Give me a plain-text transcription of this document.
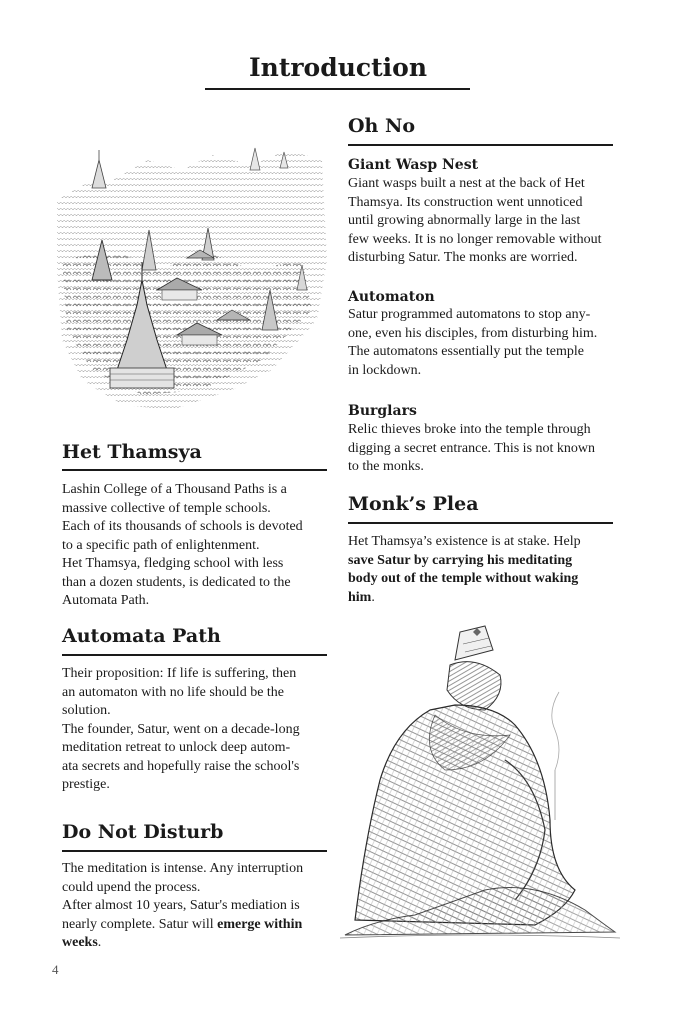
Introduction
Het Thamsya

Lashin College of a Thousand Paths is a

massive collective of temple schools.

Each of its thousands of schools is devoted

to a specific path of enlightenment.

Het Thamsya, fledging school with less

than a dozen students, is dedicated to the

Automata Path.

Automata Path

Their proposition: If life is suffering, then

an automaton with no life should be the

solution.

The founder, Satur, went on a decade-long

meditation retreat to unlock deep autom-

ata secrets and hopefully raise the school's

prestige.

Do Not Disturb

The meditation is intense. Any interruption

could upend the process.

After almost 10 years, Satur's mediation is

nearly complete. Satur will emerge within

weeks.

4
Oh No
Giant Wasp Nest

Giant wasps built a nest at the back of Het

Thamsya. Its construction went unnoticed

until growing abnormally large in the last

few weeks. It is no longer removable without

disturbing Satur. The monks are worried.

Automaton

Satur programmed automatons to stop any-

one, even his disciples, from disturbing him.

The automatons essentially put the temple

in lockdown.

Burglars

Relic thieves broke into the temple through

digging a secret entrance. This is not known

to the monks.

Monk’s Plea

Het Thamsya’s existence is at stake. Help

save Satur by carrying his meditating

body out of the temple without waking

him.
